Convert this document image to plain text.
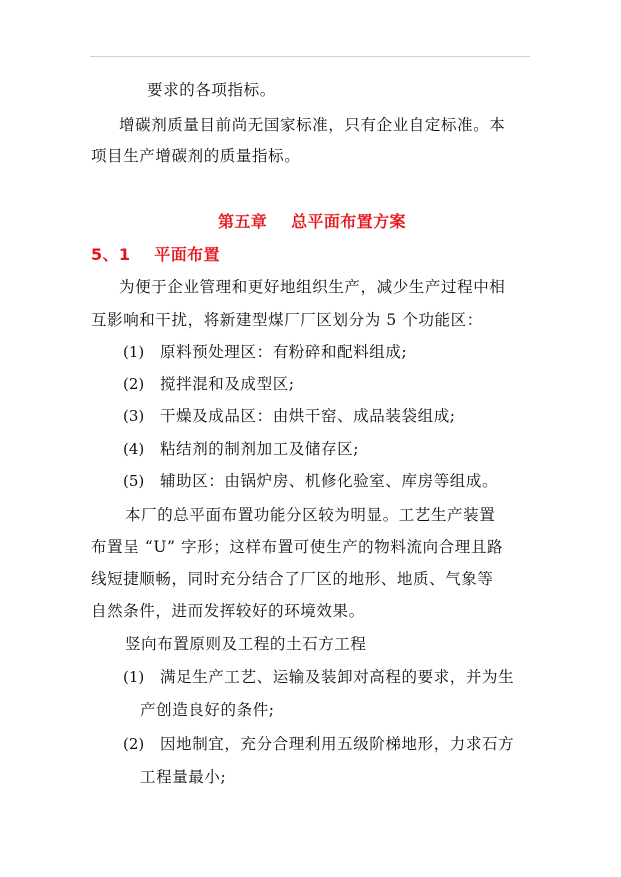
要求的各项指标。
增碳剂质量目前尚无国家标准，只有企业自定标准。本
项目生产增碳剂的质量指标。
第五章    总平面布置方案
5、1    平面布置
为便于企业管理和更好地组织生产，减少生产过程中相
互影响和干扰，将新建型煤厂厂区划分为 5 个功能区：
(1) 原料预处理区：有粉碎和配料组成;
(2) 搅拌混和及成型区;
(3) 干燥及成品区：由烘干窑、成品装袋组成;
(4) 粘结剂的制剂加工及储存区;
(5) 辅助区：由锅炉房、机修化验室、库房等组成。
本厂的总平面布置功能分区较为明显。工艺生产装置
布置呈 “U” 字形；这样布置可使生产的物料流向合理且路
线短捷顺畅，同时充分结合了厂区的地形、地质、气象等
自然条件，进而发挥较好的环境效果。
竖向布置原则及工程的土石方工程
(1) 满足生产工艺、运输及装卸对高程的要求，并为生
产创造良好的条件;
(2) 因地制宜，充分合理利用五级阶梯地形，力求石方
工程量最小;
